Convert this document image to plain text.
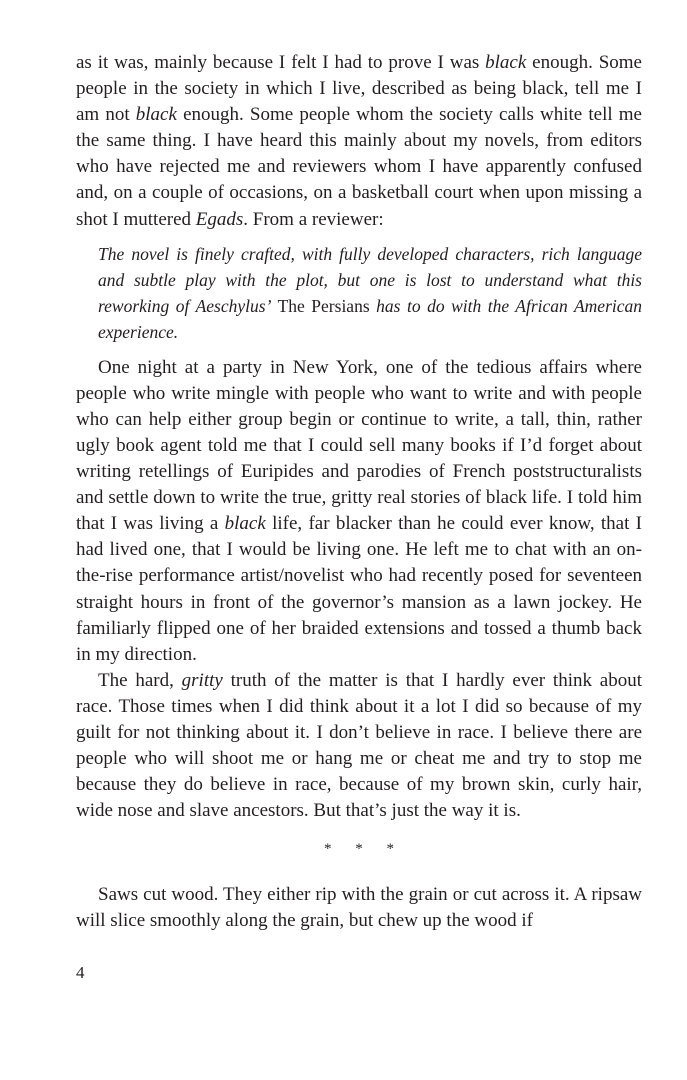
as it was, mainly because I felt I had to prove I was black enough. Some people in the society in which I live, described as being black, tell me I am not black enough. Some people whom the society calls white tell me the same thing. I have heard this mainly about my novels, from editors who have rejected me and reviewers whom I have apparently confused and, on a couple of occasions, on a basketball court when upon missing a shot I muttered Egads. From a reviewer:

The novel is finely crafted, with fully developed characters, rich language and subtle play with the plot, but one is lost to understand what this reworking of Aeschylus’ The Persians has to do with the African American experience.

One night at a party in New York, one of the tedious affairs where people who write mingle with people who want to write and with people who can help either group begin or continue to write, a tall, thin, rather ugly book agent told me that I could sell many books if I’d forget about writing retellings of Euripides and parodies of French poststructuralists and settle down to write the true, gritty real stories of black life. I told him that I was living a black life, far blacker than he could ever know, that I had lived one, that I would be living one. He left me to chat with an on-the-rise performance artist/novelist who had recently posed for seventeen straight hours in front of the governor’s mansion as a lawn jockey. He familiarly flipped one of her braided extensions and tossed a thumb back in my direction.

The hard, gritty truth of the matter is that I hardly ever think about race. Those times when I did think about it a lot I did so because of my guilt for not thinking about it. I don’t believe in race. I believe there are people who will shoot me or hang me or cheat me and try to stop me because they do believe in race, because of my brown skin, curly hair, wide nose and slave ancestors. But that’s just the way it is.

* * *

Saws cut wood. They either rip with the grain or cut across it. A ripsaw will slice smoothly along the grain, but chew up the wood if

4
